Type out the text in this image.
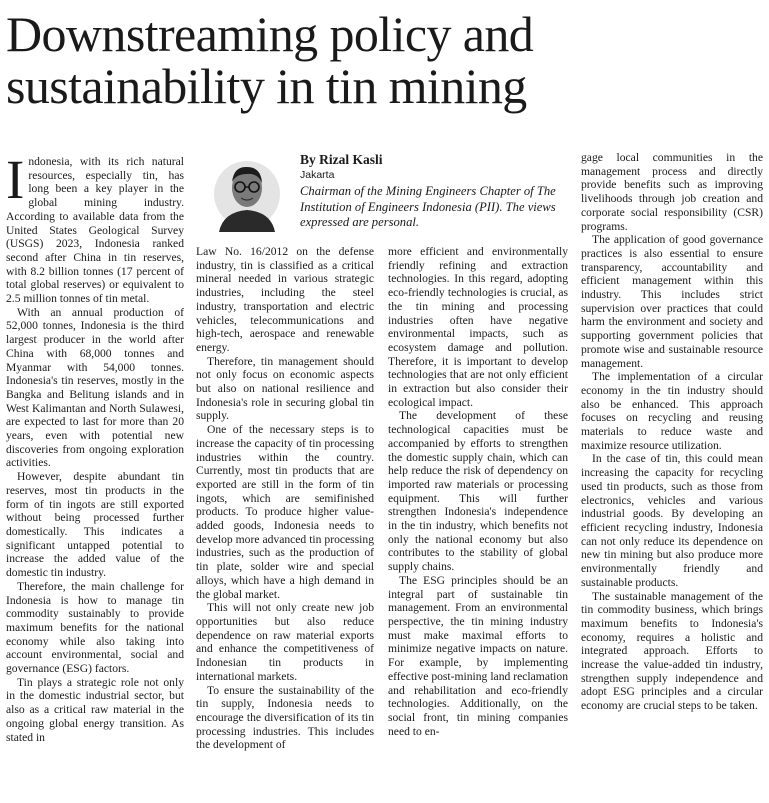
Downstreaming policy and sustainability in tin mining
By Rizal Kasli
Jakarta
Chairman of the Mining Engineers Chapter of The Institution of Engineers Indonesia (PII). The views expressed are personal.

Indonesia, with its rich natural resources, especially tin, has long been a key player in the global mining industry. According to available data from the United States Geological Survey (USGS) 2023, Indonesia ranked second after China in tin reserves, with 8.2 billion tonnes (17 percent of total global reserves) or equivalent to 2.5 million tonnes of tin metal.

With an annual production of 52,000 tonnes, Indonesia is the third largest producer in the world after China with 68,000 tonnes and Myanmar with 54,000 tonnes. Indonesia's tin reserves, mostly in the Bangka and Belitung islands and in West Kalimantan and North Sulawesi, are expected to last for more than 20 years, even with potential new discoveries from ongoing exploration activities.

However, despite abundant tin reserves, most tin products in the form of tin ingots are still exported without being processed further domestically. This indicates a significant untapped potential to increase the added value of the domestic tin industry.

Therefore, the main challenge for Indonesia is how to manage tin commodity sustainably to provide maximum benefits for the national economy while also taking into account environmental, social and governance (ESG) factors.

Tin plays a strategic role not only in the domestic industrial sector, but also as a critical raw material in the ongoing global energy transition. As stated in

Law No. 16/2012 on the defense industry, tin is classified as a critical mineral needed in various strategic industries, including the steel industry, transportation and electric vehicles, telecommunications and high-tech, aerospace and renewable energy.

Therefore, tin management should not only focus on economic aspects but also on national resilience and Indonesia's role in securing global tin supply.

One of the necessary steps is to increase the capacity of tin processing industries within the country. Currently, most tin products that are exported are still in the form of tin ingots, which are semifinished products. To produce higher value-added goods, Indonesia needs to develop more advanced tin processing industries, such as the production of tin plate, solder wire and special alloys, which have a high demand in the global market.

This will not only create new job opportunities but also reduce dependence on raw material exports and enhance the competitiveness of Indonesian tin products in international markets.

To ensure the sustainability of the tin supply, Indonesia needs to encourage the diversification of its tin processing industries. This includes the development of

more efficient and environmentally friendly refining and extraction technologies. In this regard, adopting eco-friendly technologies is crucial, as the tin mining and processing industries often have negative environmental impacts, such as ecosystem damage and pollution. Therefore, it is important to develop technologies that are not only efficient in extraction but also consider their ecological impact.

The development of these technological capacities must be accompanied by efforts to strengthen the domestic supply chain, which can help reduce the risk of dependency on imported raw materials or processing equipment. This will further strengthen Indonesia's independence in the tin industry, which benefits not only the national economy but also contributes to the stability of global supply chains.

The ESG principles should be an integral part of sustainable tin management. From an environmental perspective, the tin mining industry must make maximal efforts to minimize negative impacts on nature. For example, by implementing effective post-mining land reclamation and rehabilitation and eco-friendly technologies. Additionally, on the social front, tin mining companies need to en-

gage local communities in the management process and directly provide benefits such as improving livelihoods through job creation and corporate social responsibility (CSR) programs.

The application of good governance practices is also essential to ensure transparency, accountability and efficient management within this industry. This includes strict supervision over practices that could harm the environment and society and supporting government policies that promote wise and sustainable resource management.

The implementation of a circular economy in the tin industry should also be enhanced. This approach focuses on recycling and reusing materials to reduce waste and maximize resource utilization.

In the case of tin, this could mean increasing the capacity for recycling used tin products, such as those from electronics, vehicles and various industrial goods. By developing an efficient recycling industry, Indonesia can not only reduce its dependence on new tin mining but also produce more environmentally friendly and sustainable products.

The sustainable management of the tin commodity business, which brings maximum benefits to Indonesia's economy, requires a holistic and integrated approach. Efforts to increase the value-added tin industry, strengthen supply independence and adopt ESG principles and a circular economy are crucial steps to be taken.
